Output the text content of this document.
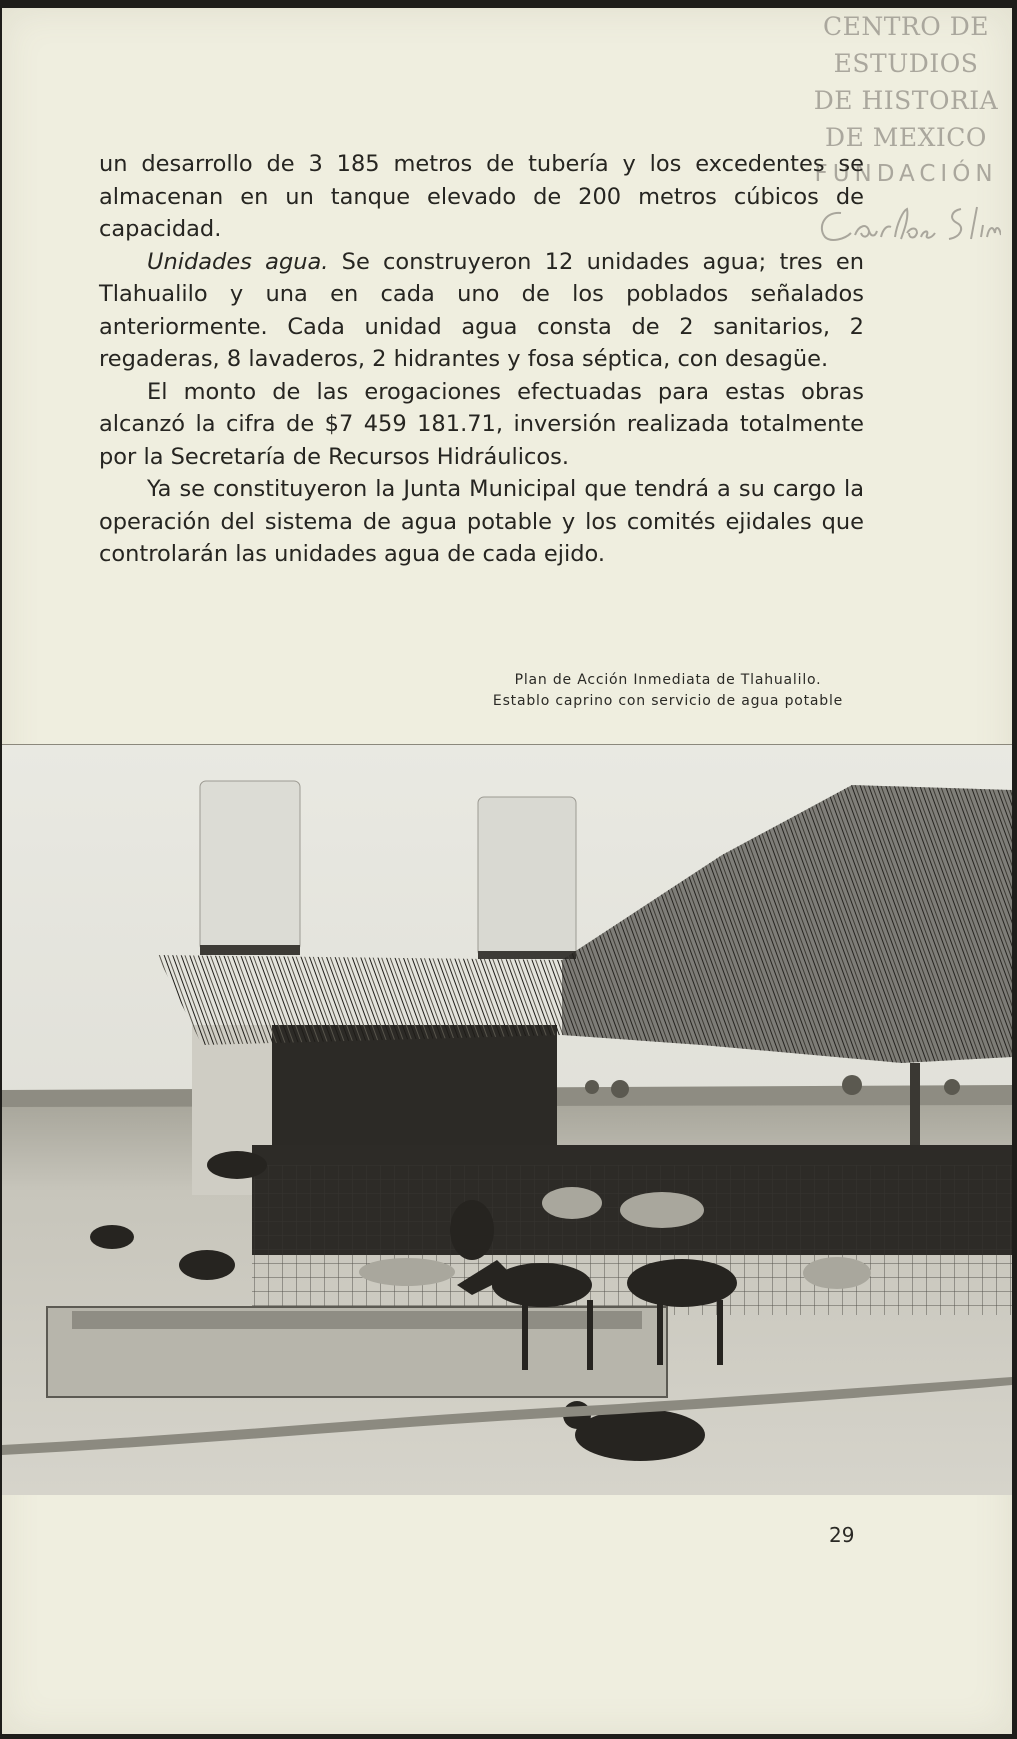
CENTRO DE
ESTUDIOS
DE HISTORIA
DE MEXICO
FUNDACIÓN

un desarrollo de 3 185 metros de tubería y los excedentes se almacenan en un tanque elevado de 200 metros cúbicos de capacidad.

Unidades agua. Se construyeron 12 unidades agua; tres en Tlahualilo y una en cada uno de los poblados señalados anteriormente. Cada unidad agua consta de 2 sanitarios, 2 regaderas, 8 lavaderos, 2 hidrantes y fosa séptica, con desagüe.

El monto de las erogaciones efectuadas para estas obras alcanzó la cifra de $7 459 181.71, inversión realizada totalmente por la Secretaría de Recursos Hidráulicos.

Ya se constituyeron la Junta Municipal que tendrá a su cargo la operación del sistema de agua potable y los comités ejidales que controlarán las unidades agua de cada ejido.

Plan de Acción Inmediata de Tlahualilo.

Establo caprino con servicio de agua potable

29
